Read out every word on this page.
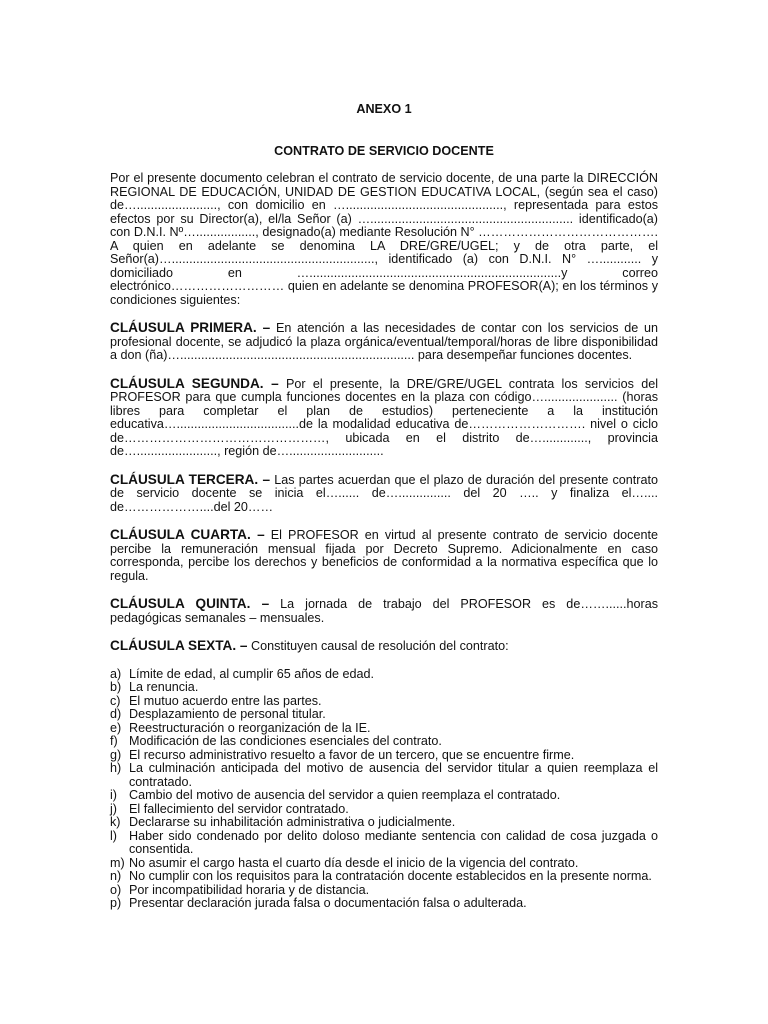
ANEXO 1

CONTRATO DE SERVICIO DOCENTE

Por el presente documento celebran el contrato de servicio docente, de una parte la DIRECCIÓN REGIONAL DE EDUCACIÓN, UNIDAD DE GESTION EDUCATIVA LOCAL, (según sea el caso) de…......................., con domicilio en …............................................., representada para estos efectos por su Director(a), el/la Señor (a) ….......................................................... identificado(a) con D.N.I. Nº…................., designado(a) mediante Resolución N° ……………………………………. A quien en adelante se denomina LA DRE/GRE/UGEL; y de otra parte, el Señor(a)….........................................................., identificado (a) con D.N.I. N° …............ y domiciliado en …........................................................................y correo electrónico……………………… quien en adelante se denomina PROFESOR(A); en los términos y condiciones siguientes:

CLÁUSULA PRIMERA. – En atención a las necesidades de contar con los servicios de un profesional docente, se adjudicó la plaza orgánica/eventual/temporal/horas de libre disponibilidad a don (ña)…................................................................... para desempeñar funciones docentes.

CLÁUSULA SEGUNDA. – Por el presente, la DRE/GRE/UGEL contrata los servicios del PROFESOR para que cumpla funciones docentes en la plaza con código…..................... (horas libres para completar el plan de estudios) perteneciente a la institución educativa…...................................de la modalidad educativa de………………………. nivel o ciclo de…………………………………………, ubicada en el distrito de…............., provincia de…......................., región de…...........................

CLÁUSULA TERCERA. – Las partes acuerdan que el plazo de duración del presente contrato de servicio docente se inicia el…...... de…............... del 20 ….. y finaliza el….... de………………....del 20……

CLÁUSULA CUARTA. – El PROFESOR en virtud al presente contrato de servicio docente percibe la remuneración mensual fijada por Decreto Supremo. Adicionalmente en caso corresponda, percibe los derechos y beneficios de conformidad a la normativa específica que lo regula.

CLÁUSULA QUINTA. – La jornada de trabajo del PROFESOR es de……......horas pedagógicas semanales – mensuales.

CLÁUSULA SEXTA. – Constituyen causal de resolución del contrato:

a) Límite de edad, al cumplir 65 años de edad.
b) La renuncia.
c) El mutuo acuerdo entre las partes.
d) Desplazamiento de personal titular.
e) Reestructuración o reorganización de la IE.
f) Modificación de las condiciones esenciales del contrato.
g) El recurso administrativo resuelto a favor de un tercero, que se encuentre firme.
h) La culminación anticipada del motivo de ausencia del servidor titular a quien reemplaza el contratado.
i) Cambio del motivo de ausencia del servidor a quien reemplaza el contratado.
j) El fallecimiento del servidor contratado.
k) Declararse su inhabilitación administrativa o judicialmente.
l) Haber sido condenado por delito doloso mediante sentencia con calidad de cosa juzgada o consentida.
m) No asumir el cargo hasta el cuarto día desde el inicio de la vigencia del contrato.
n) No cumplir con los requisitos para la contratación docente establecidos en la presente norma.
o) Por incompatibilidad horaria y de distancia.
p) Presentar declaración jurada falsa o documentación falsa o adulterada.
